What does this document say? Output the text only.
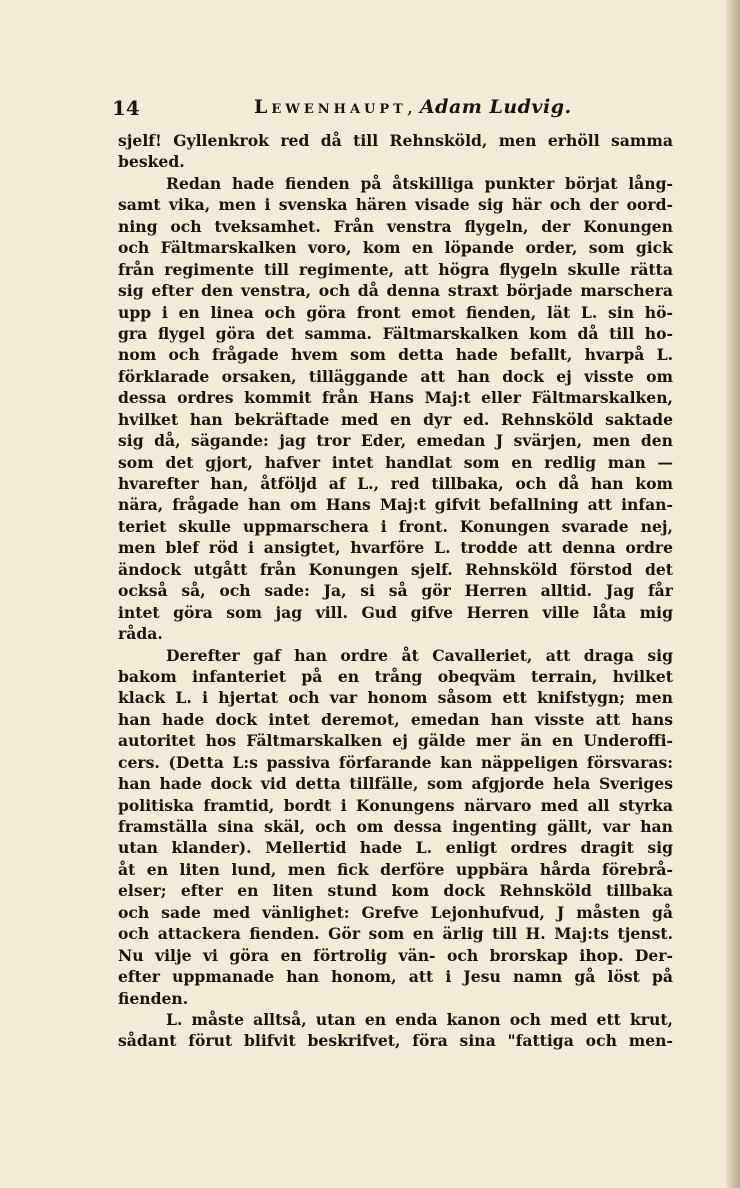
14	Lewenhaupt, Adam Ludvig.
sjelf! Gyllenkrok red då till Rehnsköld, men erhöll samma
besked.
Redan hade fienden på åtskilliga punkter börjat lång-
samt vika, men i svenska hären visade sig här och der oord-
ning och tveksamhet. Från venstra flygeln, der Konungen
och Fältmarskalken voro, kom en löpande order, som gick
från regimente till regimente, att högra flygeln skulle rätta
sig efter den venstra, och då denna straxt började marschera
upp i en linea och göra front emot fienden, lät L. sin hö-
gra flygel göra det samma. Fältmarskalken kom då till ho-
nom och frågade hvem som detta hade befallt, hvarpå L.
förklarade orsaken, tilläggande att han dock ej visste om
dessa ordres kommit från Hans Maj:t eller Fältmarskalken,
hvilket han bekräftade med en dyr ed. Rehnsköld saktade
sig då, sägande: jag tror Eder, emedan J svärjen, men den
som det gjort, hafver intet handlat som en redlig man —
hvarefter han, åtföljd af L., red tillbaka, och då han kom
nära, frågade han om Hans Maj:t gifvit befallning att infan-
teriet skulle uppmarschera i front. Konungen svarade nej,
men blef röd i ansigtet, hvarföre L. trodde att denna ordre
ändock utgått från Konungen sjelf. Rehnsköld förstod det
också så, och sade: Ja, si så gör Herren alltid. Jag får
intet göra som jag vill. Gud gifve Herren ville låta mig
råda.
Derefter gaf han ordre åt Cavalleriet, att draga sig
bakom infanteriet på en trång obeqväm terrain, hvilket
klack L. i hjertat och var honom såsom ett knifstygn; men
han hade dock intet deremot, emedan han visste att hans
autoritet hos Fältmarskalken ej gälde mer än en Underoffi-
cers. (Detta L:s passiva förfarande kan näppeligen försvaras:
han hade dock vid detta tillfälle, som afgjorde hela Sveriges
politiska framtid, bordt i Konungens närvaro med all styrka
framställa sina skäl, och om dessa ingenting gällt, var han
utan klander). Mellertid hade L. enligt ordres dragit sig
åt en liten lund, men fick derföre uppbära hårda förebrå-
elser; efter en liten stund kom dock Rehnsköld tillbaka
och sade med vänlighet: Grefve Lejonhufvud, J måsten gå
och attackera fienden. Gör som en ärlig till H. Maj:ts tjenst.
Nu vilje vi göra en förtrolig vän- och brorskap ihop. Der-
efter uppmanade han honom, att i Jesu namn gå löst på
fienden.
L. måste alltså, utan en enda kanon och med ett krut,
sådant förut blifvit beskrifvet, föra sina "fattiga och men-
